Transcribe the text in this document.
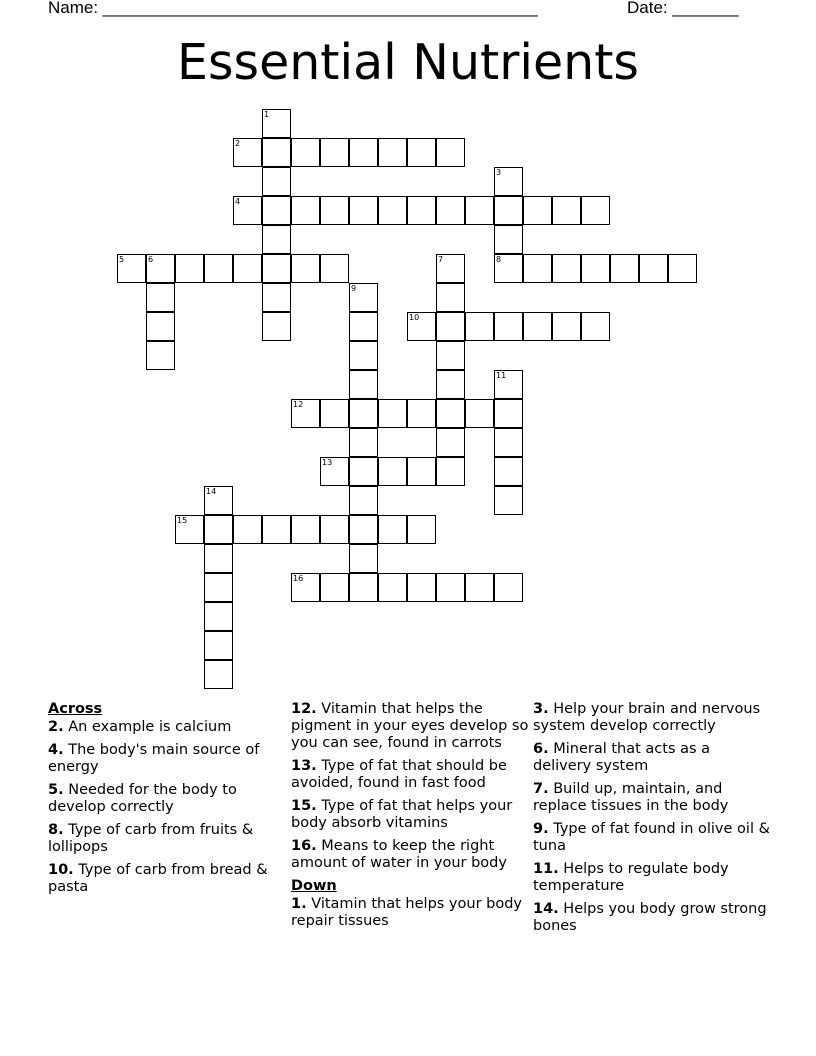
Name: ______________________________________________	Date: _______
Essential Nutrients
1
2
3
8
4
5	6	7
9
10
11
12
13
14
15
16
Across
2. An example is calcium
4. The body's main source of energy
5. Needed for the body to develop correctly
8. Type of carb from fruits & lollipops
10. Type of carb from bread & pasta
12. Vitamin that helps the pigment in your eyes develop so you can see, found in carrots
13. Type of fat that should be avoided, found in fast food
15. Type of fat that helps your body absorb vitamins
16. Means to keep the right amount of water in your body
Down
1. Vitamin that helps your body repair tissues
3. Help your brain and nervous system develop correctly
6. Mineral that acts as a delivery system
7. Build up, maintain, and replace tissues in the body
9. Type of fat found in olive oil & tuna
11. Helps to regulate body temperature
14. Helps you body grow strong bones
